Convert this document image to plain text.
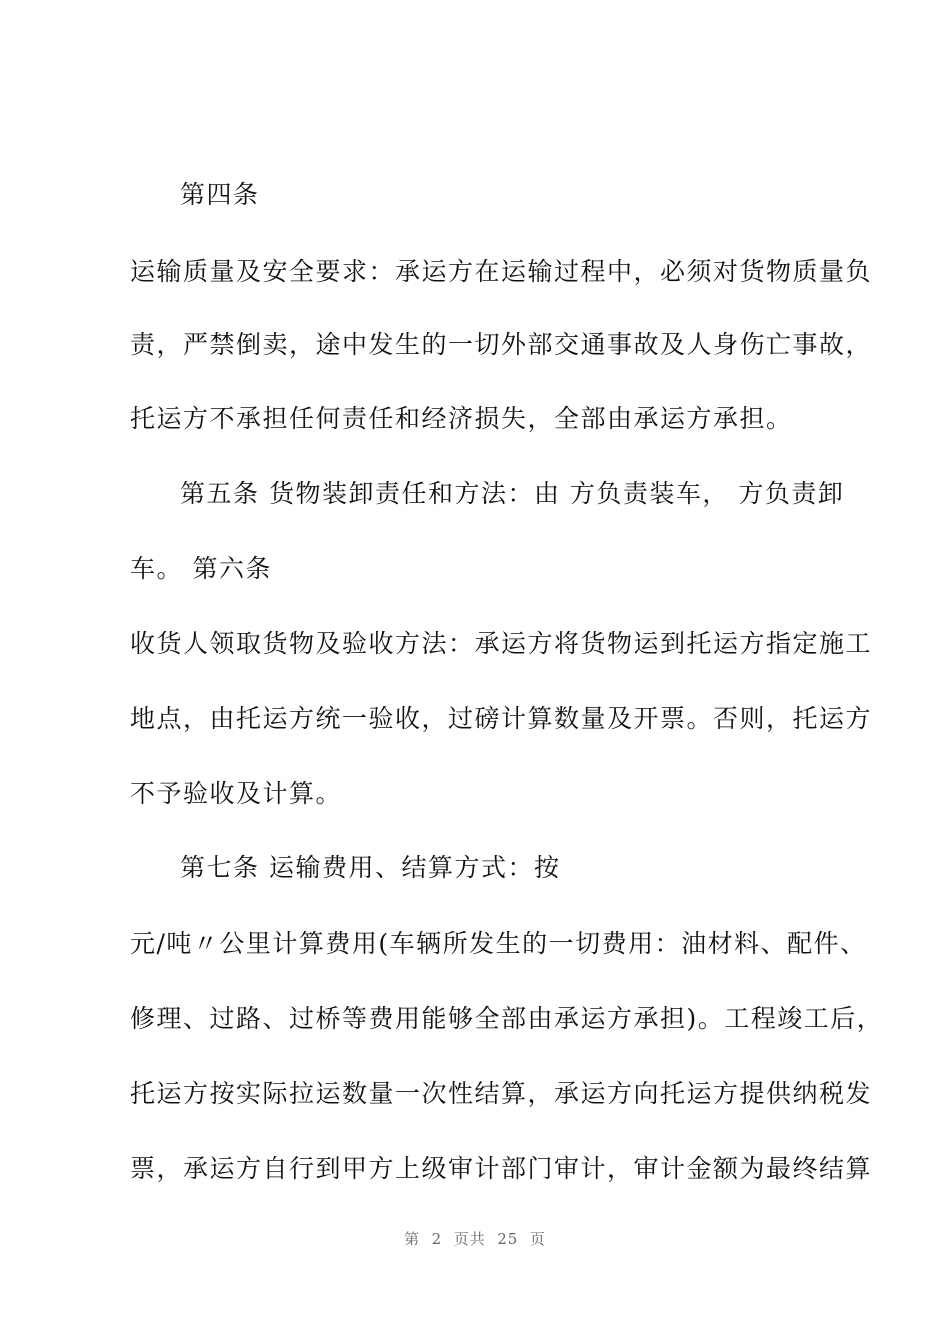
第四条
运输质量及安全要求：承运方在运输过程中，必须对货物质量负
责，严禁倒卖，途中发生的一切外部交通事故及人身伤亡事故，
托运方不承担任何责任和经济损失，全部由承运方承担。
第五条 货物装卸责任和方法：由 方负责装车， 方负责卸
车。 第六条
收货人领取货物及验收方法：承运方将货物运到托运方指定施工
地点，由托运方统一验收，过磅计算数量及开票。否则，托运方
不予验收及计算。
第七条 运输费用、结算方式：按
元/吨〃公里计算费用(车辆所发生的一切费用：油材料、配件、
修理、过路、过桥等费用能够全部由承运方承担)。工程竣工后，
托运方按实际拉运数量一次性结算，承运方向托运方提供纳税发
票，承运方自行到甲方上级审计部门审计，审计金额为最终结算
第  2  页共  25  页
